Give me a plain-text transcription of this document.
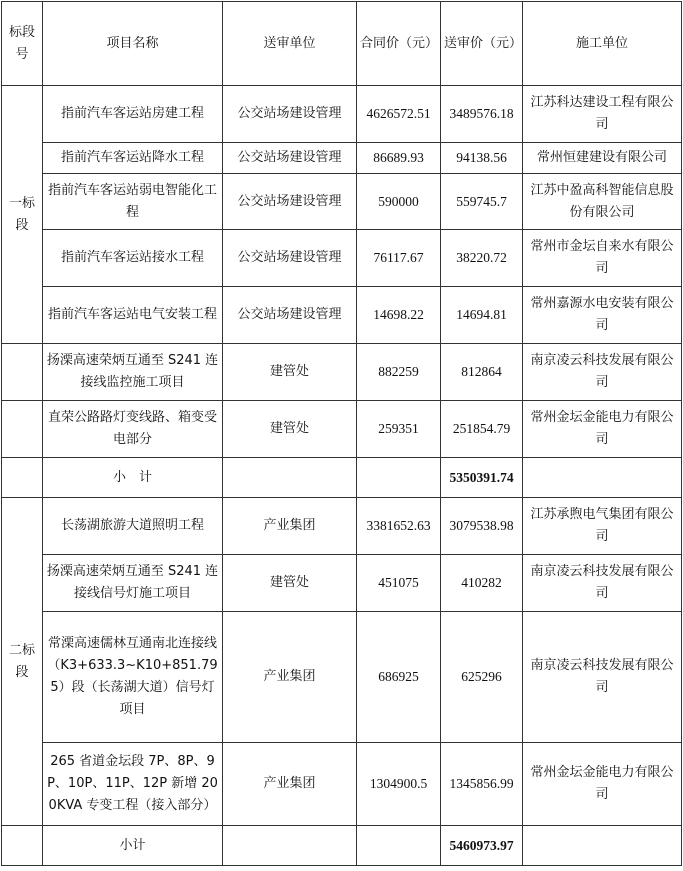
标段号	项目名称	送审单位	合同价（元）	送审价（元）	施工单位
一标段	指前汽车客运站房建工程	公交站场建设管理	4626572.51	3489576.18	江苏科达建设工程有限公司
	指前汽车客运站降水工程	公交站场建设管理	86689.93	94138.56	常州恒建建设有限公司
	指前汽车客运站弱电智能化工程	公交站场建设管理	590000	559745.7	江苏中盈高科智能信息股份有限公司
	指前汽车客运站接水工程	公交站场建设管理	76117.67	38220.72	常州市金坛自来水有限公司
	指前汽车客运站电气安装工程	公交站场建设管理	14698.22	14694.81	常州嘉源水电安装有限公司
	扬溧高速荣炳互通至 S241 连接线监控施工项目	建管处	882259	812864	南京凌云科技发展有限公司
	直荣公路路灯变线路、箱变受电部分	建管处	259351	251854.79	常州金坛金能电力有限公司
	小　计			5350391.74	
二标段	长荡湖旅游大道照明工程	产业集团	3381652.63	3079538.98	江苏承煦电气集团有限公司
	扬溧高速荣炳互通至 S241 连接线信号灯施工项目	建管处	451075	410282	南京凌云科技发展有限公司
	常溧高速儒林互通南北连接线（K3+633.3~K10+851.795）段（长荡湖大道）信号灯项目	产业集团	686925	625296	南京凌云科技发展有限公司
	265 省道金坛段 7P、8P、9P、10P、11P、12P 新增 200KVA 专变工程（接入部分）	产业集团	1304900.5	1345856.99	常州金坛金能电力有限公司
	小计			5460973.97	
